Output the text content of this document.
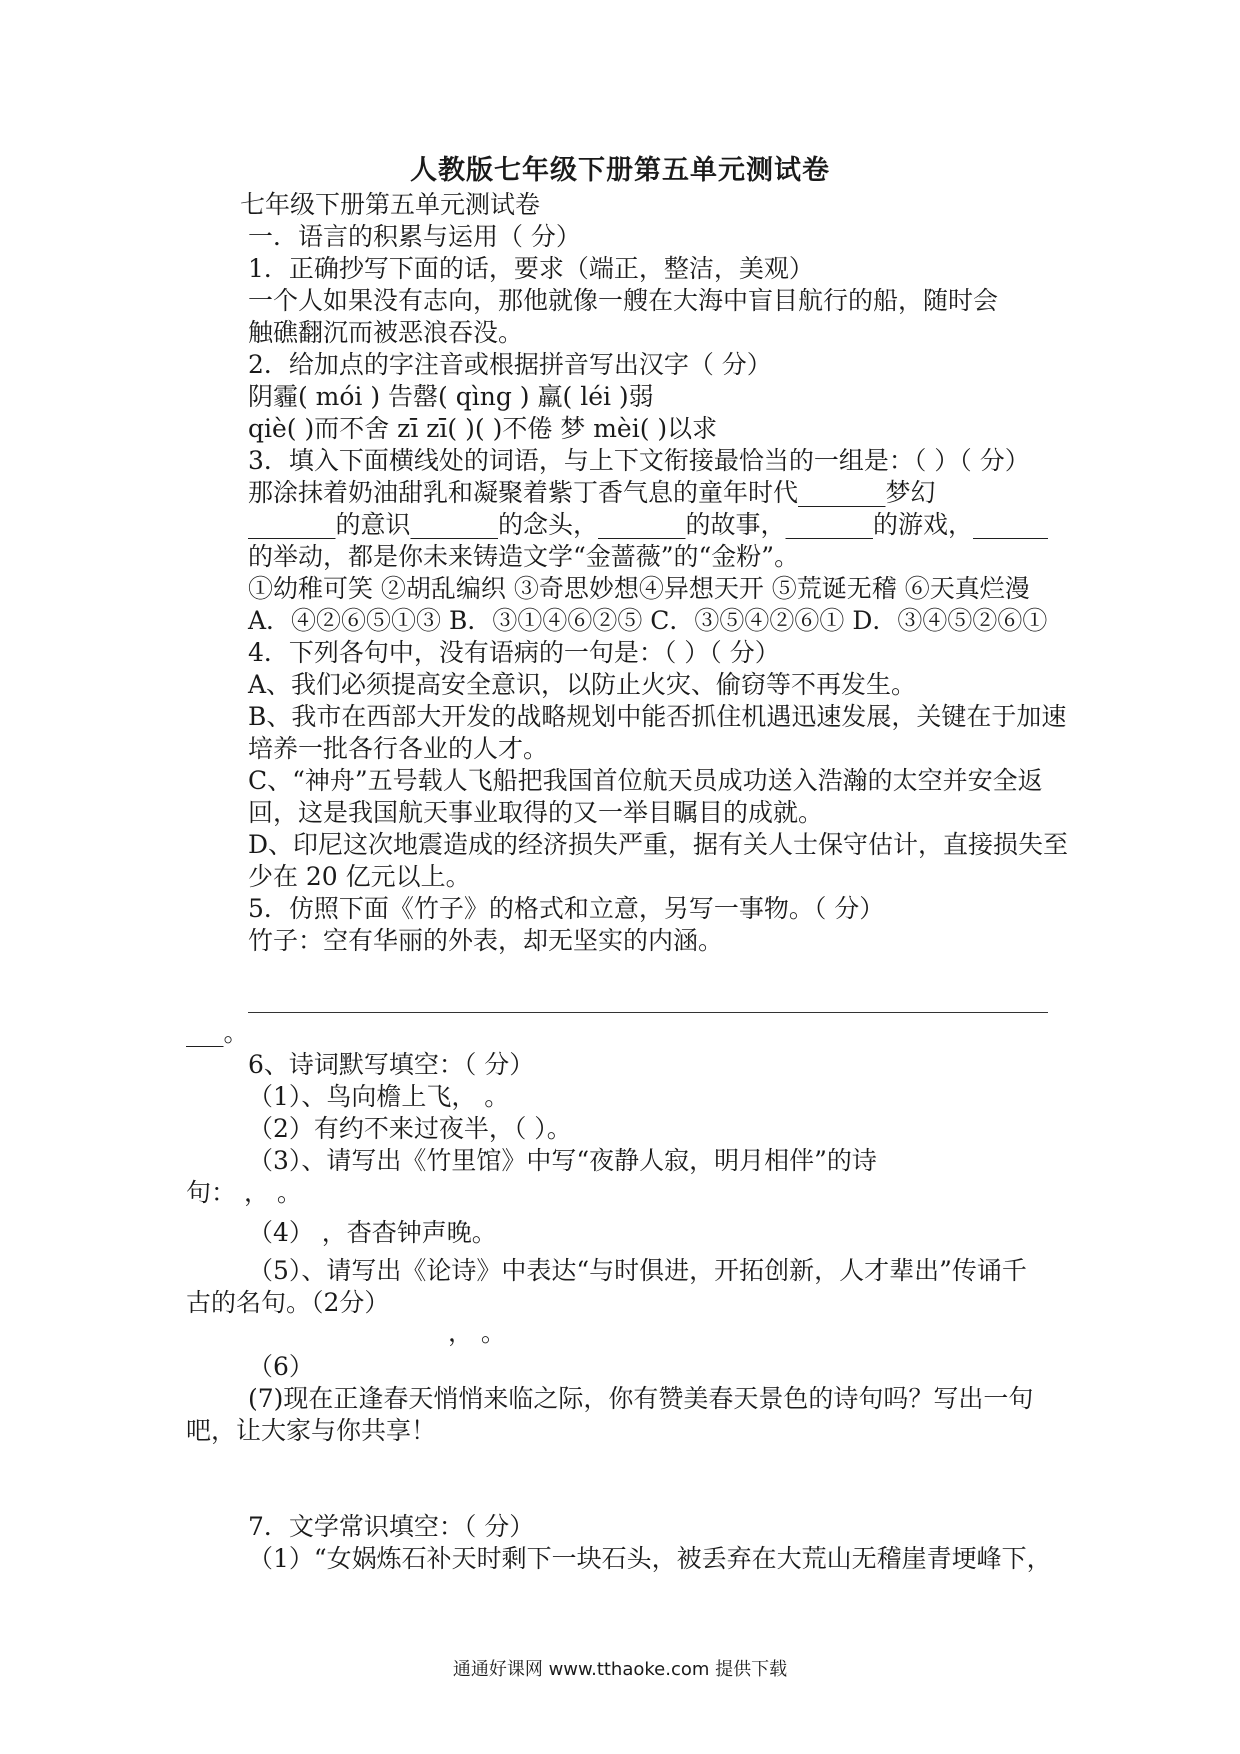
人教版七年级下册第五单元测试卷
七年级下册第五单元测试卷
一．语言的积累与运用（ 分）
1．正确抄写下面的话，要求（端正，整洁，美观）
一个人如果没有志向，那他就像一艘在大海中盲目航行的船，随时会
触礁翻沉而被恶浪吞没。
2．给加点的字注音或根据拼音写出汉字（ 分）
阴霾( mói ) 告罄( qìng ) 羸( léi )弱
qiè( )而不舍 zī zī( )( )不倦 梦 mèi( )以求
3．填入下面横线处的词语，与上下文衔接最恰当的一组是：（ ）（ 分）
那涂抹着奶油甜乳和凝聚着紫丁香气息的童年时代_______梦幻
_______的意识_______的念头，_______的故事，_______的游戏，______
的举动，都是你未来铸造文学“金蔷薇”的“金粉”。
①幼稚可笑 ②胡乱编织 ③奇思妙想④异想天开 ⑤荒诞无稽 ⑥天真烂漫
A．④②⑥⑤①③ B．③①④⑥②⑤ C．③⑤④②⑥① D．③④⑤②⑥①
4．下列各句中，没有语病的一句是：（ ）（ 分）
A、我们必须提高安全意识，以防止火灾、偷窃等不再发生。
B、我市在西部大开发的战略规划中能否抓住机遇迅速发展，关键在于加速
培养一批各行各业的人才。
C、“神舟”五号载人飞船把我国首位航天员成功送入浩瀚的太空并安全返
回，这是我国航天事业取得的又一举目瞩目的成就。
D、印尼这次地震造成的经济损失严重，据有关人士保守估计，直接损失至
少在 20 亿元以上。
5．仿照下面《竹子》的格式和立意，另写一事物。（ 分）
竹子：空有华丽的外表，却无坚实的内涵。
___。
6、诗词默写填空：（ 分）
（1）、鸟向檐上飞， 。
（2）有约不来过夜半，（ ）。
（3）、请写出《竹里馆》中写“夜静人寂，明月相伴”的诗
句： ， 。
（4） ，杳杳钟声晚。
（5）、请写出《论诗》中表达“与时俱进，开拓创新，人才辈出”传诵千
古的名句。（2分）
， 。
（6）
(7)现在正逢春天悄悄来临之际，你有赞美春天景色的诗句吗？写出一句
吧，让大家与你共享！
7．文学常识填空：（ 分）
（1）“女娲炼石补天时剩下一块石头，被丢弃在大荒山无稽崖青埂峰下，
通通好课网 www.tthaoke.com 提供下载
